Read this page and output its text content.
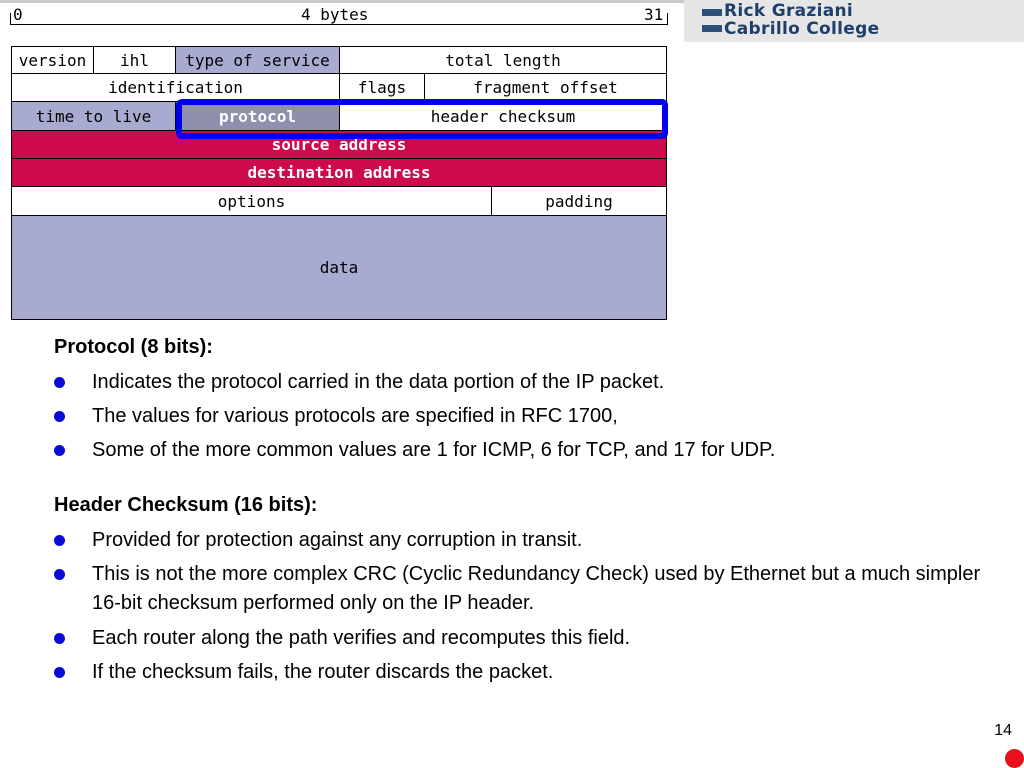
Rick Graziani
Cabrillo College
0	4 bytes	31
version	ihl	type of service	total length
identification	flags	fragment offset
time to live	protocol	header checksum
source address
destination address
options	padding
data

Protocol (8 bits):

Indicates the protocol carried in the data portion of the IP packet.
The values for various protocols are specified in RFC 1700,
Some of the more common values are 1 for ICMP, 6 for TCP, and 17 for UDP.

Header Checksum (16 bits):

Provided for protection against any corruption in transit.
This is not the more complex CRC (Cyclic Redundancy Check) used by Ethernet but a much simpler 16-bit checksum performed only on the IP header.
Each router along the path verifies and recomputes this field.
If the checksum fails, the router discards the packet.
14
